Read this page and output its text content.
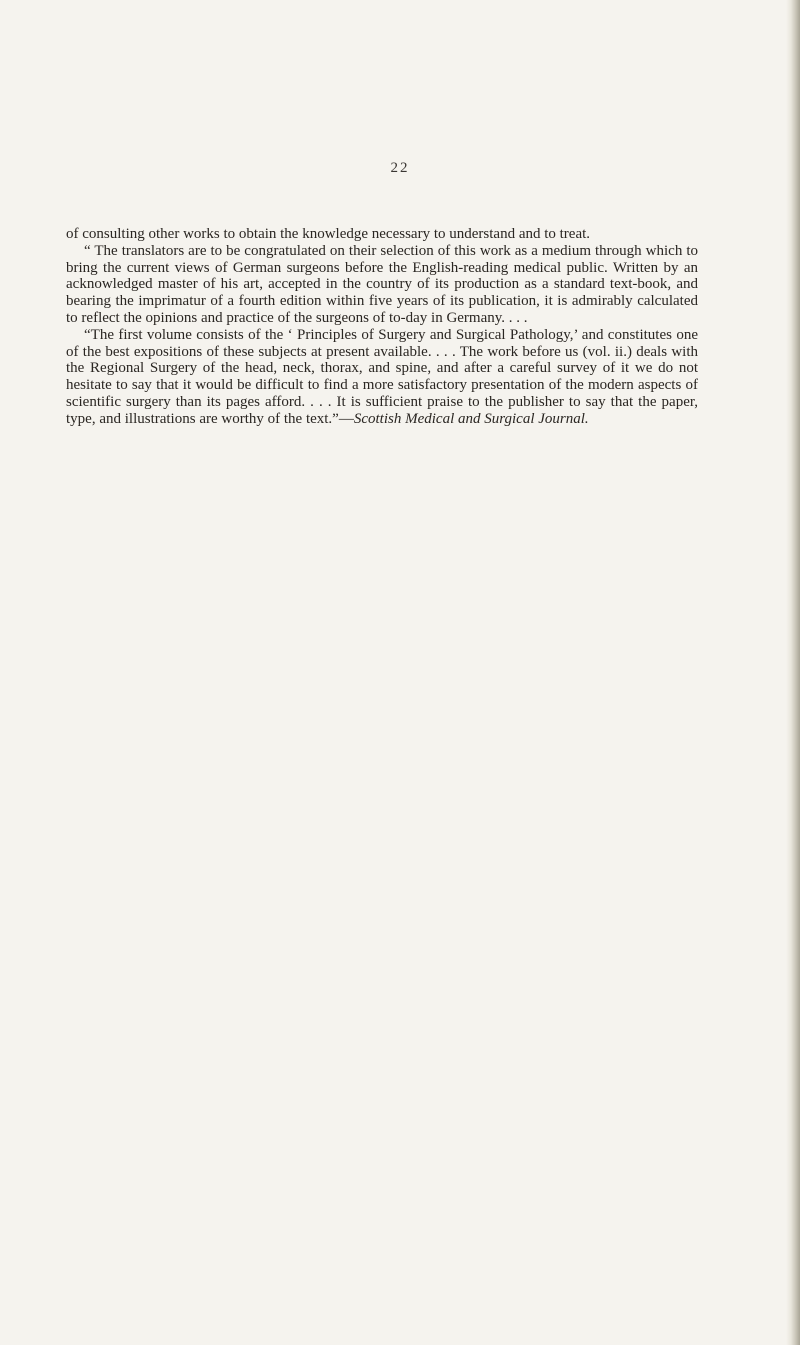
22

of consulting other works to obtain the knowledge necessary to understand and to treat.

“ The translators are to be congratulated on their selection of this work as a medium through which to bring the current views of German surgeons before the English-reading medical public. Written by an acknowledged master of his art, accepted in the country of its production as a standard text-book, and bearing the imprimatur of a fourth edition within five years of its publication, it is admirably calculated to reflect the opinions and practice of the surgeons of to-day in Germany. . . .

“The first volume consists of the ‘ Principles of Surgery and Surgical Pathology,’ and constitutes one of the best expositions of these subjects at present available. . . . The work before us (vol. ii.) deals with the Regional Surgery of the head, neck, thorax, and spine, and after a careful survey of it we do not hesitate to say that it would be difficult to find a more satisfactory presentation of the modern aspects of scientific surgery than its pages afford. . . . It is sufficient praise to the publisher to say that the paper, type, and illustrations are worthy of the text.”—Scottish Medical and Surgical Journal.
